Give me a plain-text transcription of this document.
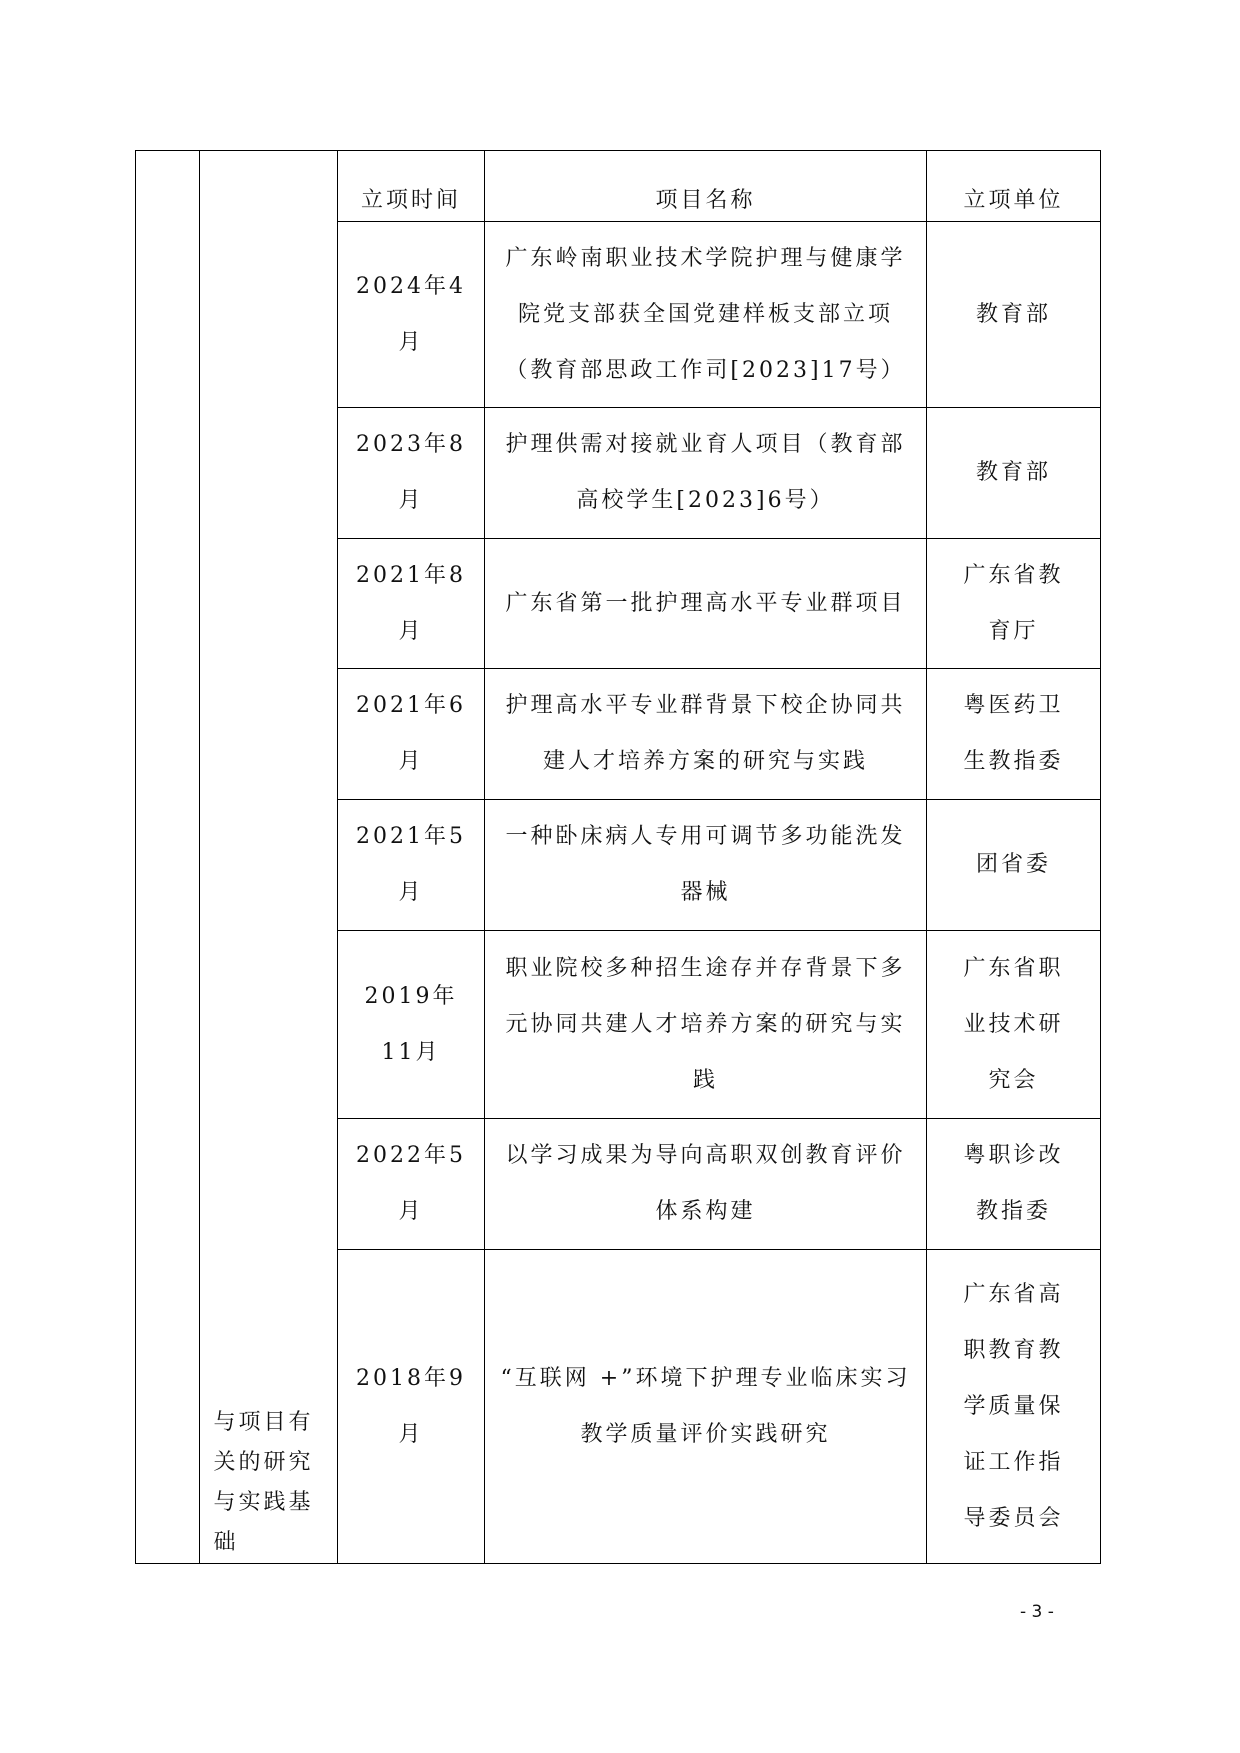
	与项目有关的研究与实践基础	立项时间	项目名称	立项单位
		2024年4月	广东岭南职业技术学院护理与健康学院党支部获全国党建样板支部立项（教育部思政工作司[2023]17号）	教育部
		2023年8月	护理供需对接就业育人项目（教育部高校学生[2023]6号）	教育部
		2021年8月	广东省第一批护理高水平专业群项目	广东省教育厅
		2021年6月	护理高水平专业群背景下校企协同共建人才培养方案的研究与实践	粤医药卫生教指委
		2021年5月	一种卧床病人专用可调节多功能洗发器械	团省委
		2019年11月	职业院校多种招生途存并存背景下多元协同共建人才培养方案的研究与实践	广东省职业技术研究会
		2022年5月	以学习成果为导向高职双创教育评价体系构建	粤职诊改教指委
		2018年9月	“互联网 +”环境下护理专业临床实习教学质量评价实践研究	广东省高职教育教学质量保证工作指导委员会
- 3 -
